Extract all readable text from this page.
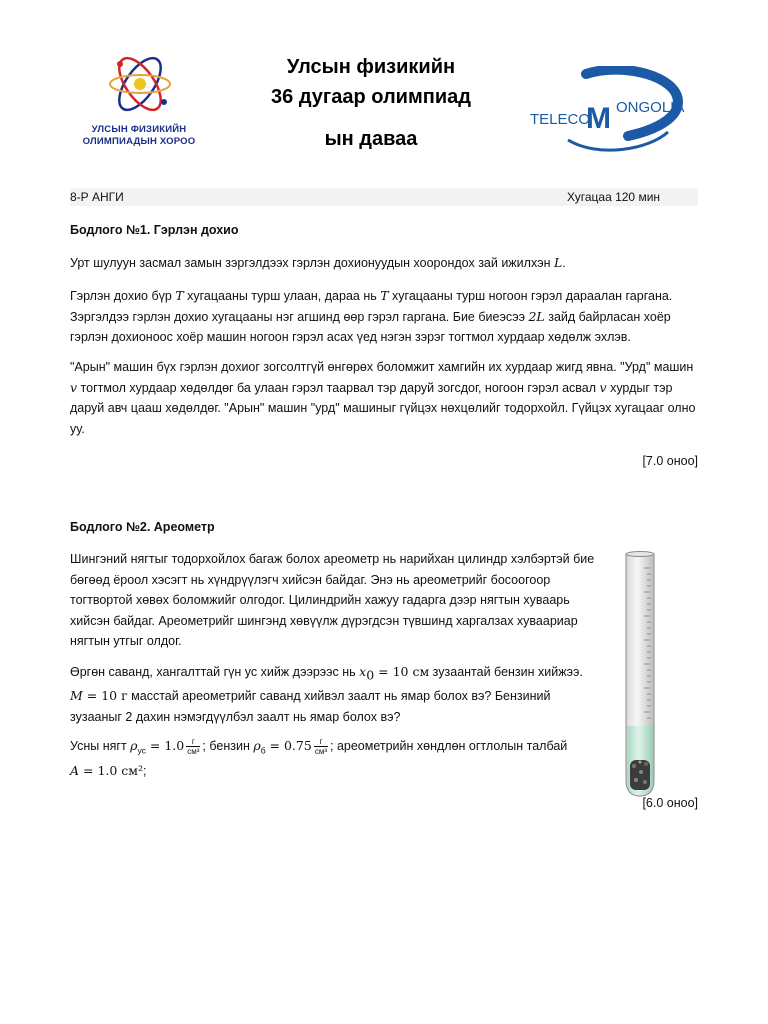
УЛСЫН ФИЗИКИЙН
ОЛИМПИАДЫН ХОРОО
Улсын физикийн
36 дугаар олимпиад
ын даваа
TELECO
M ONGOLIA
8-Р АНГИ	Хугацаа 120 мин
Бодлого №1. Гэрлэн дохио
Урт шулуун засмал замын зэргэлдээх гэрлэн дохионуудын хоорондох зай ижилхэн L.
Гэрлэн дохио бүр T хугацааны турш улаан, дараа нь T хугацааны турш ногоон гэрэл дараалан гаргана. Зэргэлдээ гэрлэн дохио хугацааны нэг агшинд өөр гэрэл гаргана. Бие биеэсээ 2L зайд байрласан хоёр гэрлэн дохионоос хоёр машин ногоон гэрэл асах үед нэгэн зэрэг тогтмол хурдаар хөдөлж эхлэв.
"Арын" машин бүх гэрлэн дохиог зогсолтгүй өнгөрөх боломжит хамгийн их хурдаар жигд явна. "Урд" машин v тогтмол хурдаар хөдөлдөг ба улаан гэрэл таарвал тэр даруй зогсдог, ногоон гэрэл асвал v хурдыг тэр даруй авч цааш хөдөлдөг. "Арын" машин "урд" машиныг гүйцэх нөхцөлийг тодорхойл. Гүйцэх хугацааг олно уу.
[7.0 оноо]
Бодлого №2. Ареометр
Шингэний нягтыг тодорхойлох багаж болох ареометр нь нарийхан цилиндр хэлбэртэй бие бөгөөд ёроол хэсэгт нь хүндрүүлэгч хийсэн байдаг. Энэ нь ареометрийг босоогоор тогтвортой хөвөх боломжийг олгодог. Цилиндрийн хажуу гадарга дээр нягтын хуваарь хийсэн байдаг. Ареометрийг шингэнд хөвүүлж дүрэгдсэн түвшинд харгалзах хуваариар нягтын утгыг олдог.
Өргөн саванд, хангалттай гүн ус хийж дээрээс нь $x_0 = 10$ см зузаантай бензин хийжээ. M = 10 г масстай ареометрийг саванд хийвэл заалт нь ямар болох вэ? Бензиний зузааныг 2 дахин нэмэгдүүлбэл заалт нь ямар болох вэ?
Усны нягт $\rho_{ус} = 1.0 \frac{г}{\text{см³}}$ ; бензин $\rho_б = 0.75 \frac{г}{\text{см³}}$ ; ареометрийн хөндлөн огтлолын талбай
A = 1.0 см²;
[6.0 оноо]
